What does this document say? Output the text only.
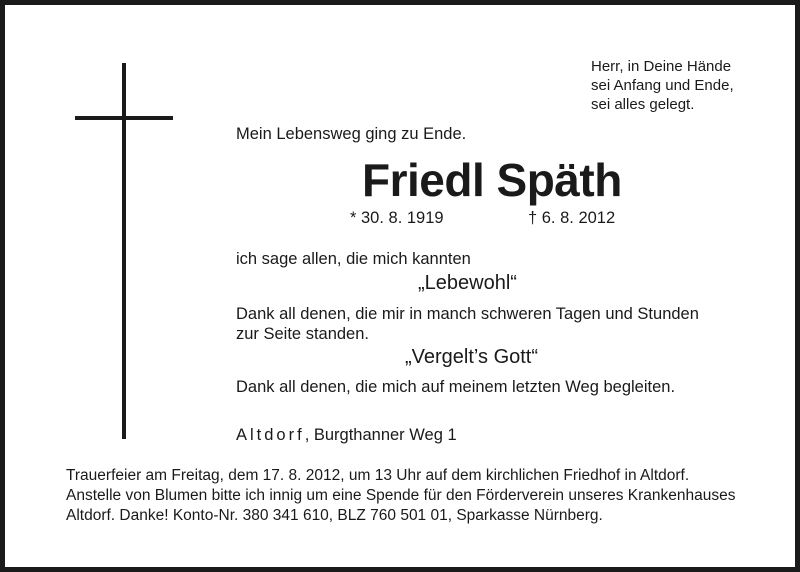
Herr, in Deine Hände
sei Anfang und Ende,
sei alles gelegt.
Mein Lebensweg ging zu Ende.
Friedl Späth
* 30. 8. 1919	† 6. 8. 2012
ich sage allen, die mich kannten
„Lebewohl“
Dank all denen, die mir in manch schweren Tagen und Stunden
zur Seite standen.
„Vergelt’s Gott“
Dank all denen, die mich auf meinem letzten Weg begleiten.
Altdorf, Burgthanner Weg 1
Trauerfeier am Freitag, dem 17. 8. 2012, um 13 Uhr auf dem kirchlichen Friedhof in Altdorf.
Anstelle von Blumen bitte ich innig um eine Spende für den Förderverein unseres Krankenhauses
Altdorf. Danke! Konto-Nr. 380 341 610, BLZ 760 501 01, Sparkasse Nürnberg.
